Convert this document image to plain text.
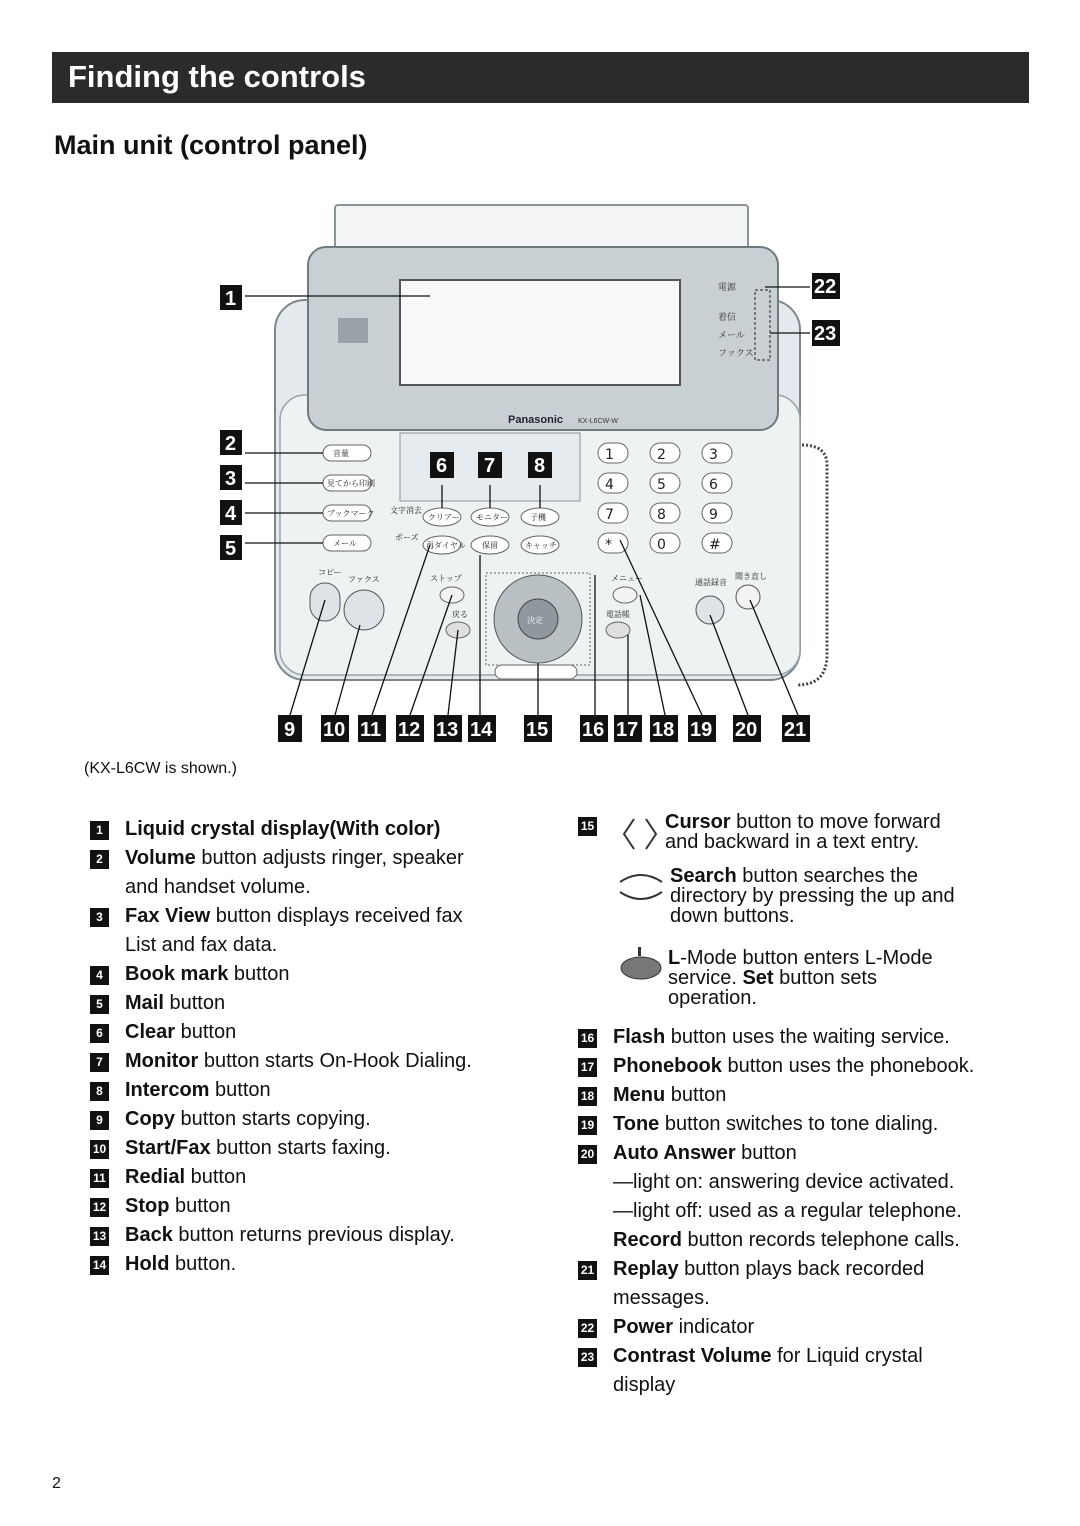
Finding the controls
Main unit (control panel)
Panasonic KX-L6CW-W
電源
着信
メール
ファクス
音量
見てから印刷
ブックマーク
メール
文字消去
ポーズ
クリアー モニター	子機
再ダイヤル 保留	キャッチ
1	2	3
4	5	6
7	8	9
*	0	#
コピー
ファクス	ストップ
戻る
メニュー
電話帳
通話録音
聞き直し
決定
1
2
3
4
5
6 7 8
22
23
9 10 11 12 13 14 15 16 17 18 19 20 21
(KX-L6CW is shown.)
1	Liquid crystal display(With color)
2	Volume button adjusts ringer, speaker
and handset volume.
3	Fax View button displays received fax
List and fax data.
4	Book mark button
5	Mail button
6	Clear button
7	Monitor button starts On-Hook Dialing.
8	Intercom button
9	Copy button starts copying.
10 Start/Fax button starts faxing.
11 Redial button
12 Stop button
13 Back button returns previous display.
14 Hold button.
15	Cursor button to move forward
and backward in a text entry.
Search button searches the
directory by pressing the up and
down buttons.
L-Mode button enters L-Mode
service. Set button sets
operation.
16 Flash button uses the waiting service.
17 Phonebook button uses the phonebook.
18 Menu button
19 Tone button switches to tone dialing.
20 Auto Answer button
—light on: answering device activated.
—light off: used as a regular telephone.
Record button records telephone calls.
21 Replay button plays back recorded
messages.
22 Power indicator
23 Contrast Volume for Liquid crystal
display
2
